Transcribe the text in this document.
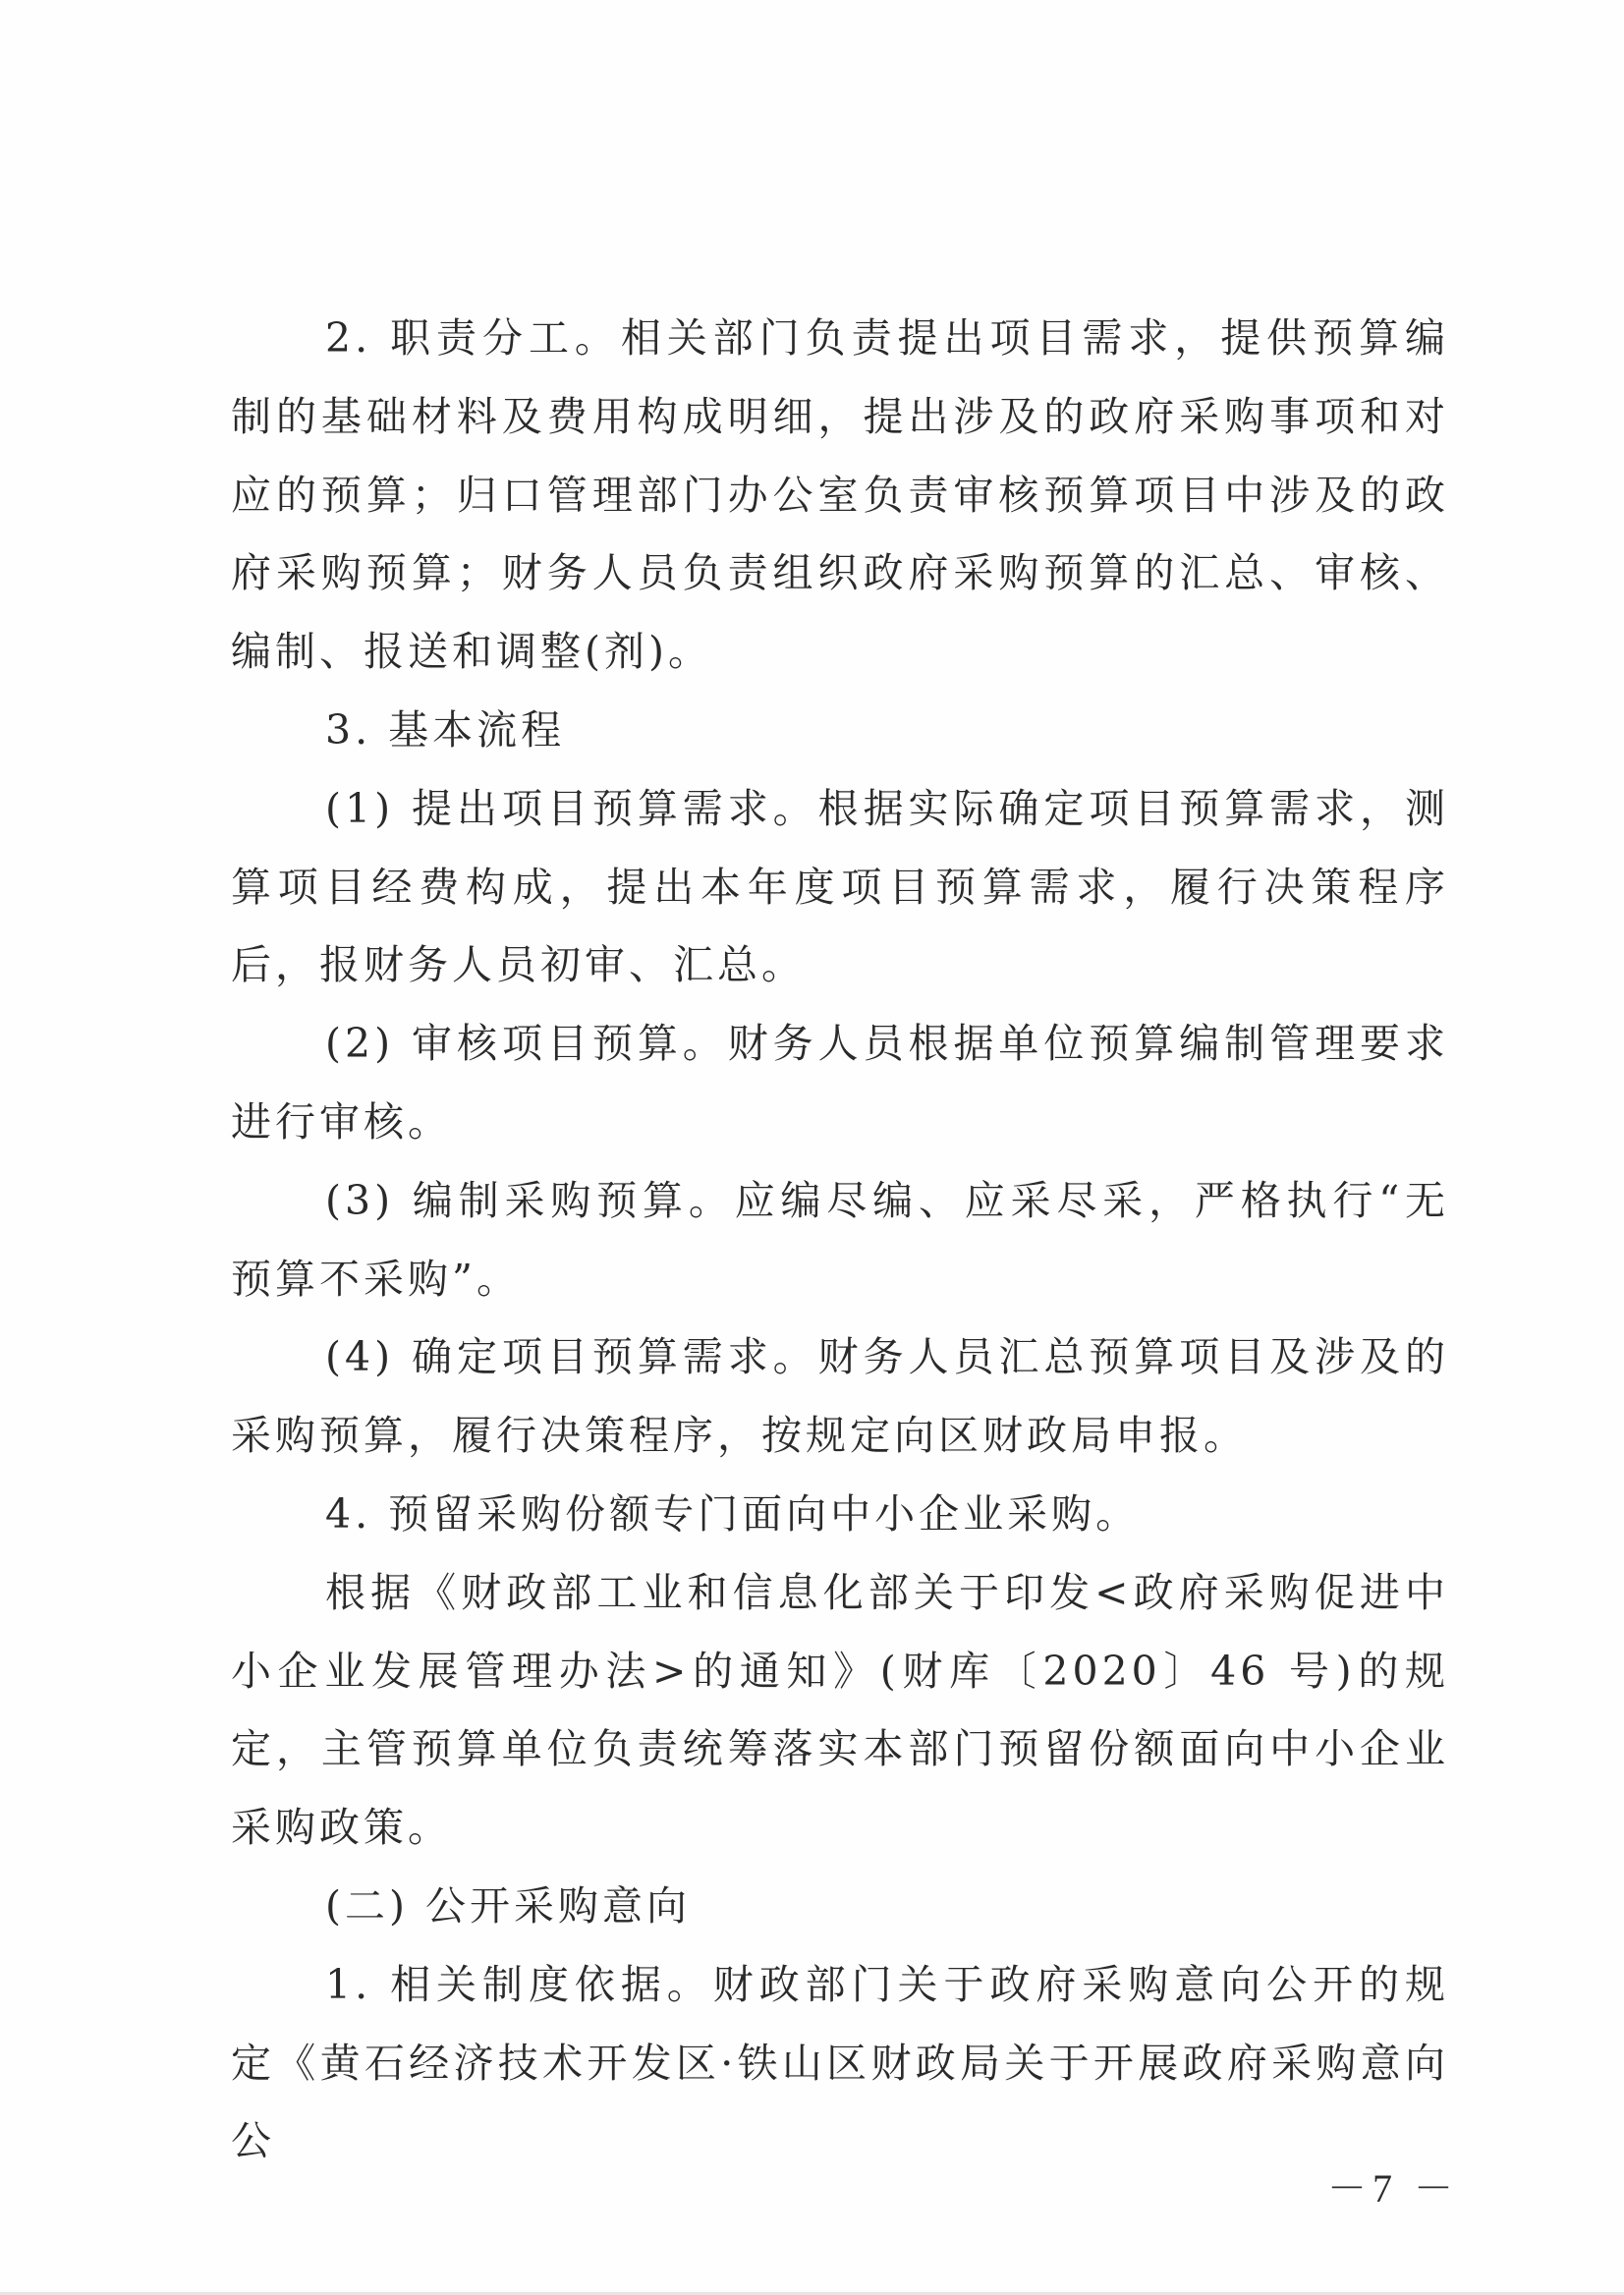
2. 职责分工。相关部门负责提出项目需求，提供预算编制的基础材料及费用构成明细，提出涉及的政府采购事项和对应的预算；归口管理部门办公室负责审核预算项目中涉及的政府采购预算；财务人员负责组织政府采购预算的汇总、审核、编制、报送和调整(剂)。

3. 基本流程

(1) 提出项目预算需求。根据实际确定项目预算需求，测算项目经费构成，提出本年度项目预算需求，履行决策程序后，报财务人员初审、汇总。

(2) 审核项目预算。财务人员根据单位预算编制管理要求进行审核。

(3) 编制采购预算。应编尽编、应采尽采，严格执行“无预算不采购”。

(4) 确定项目预算需求。财务人员汇总预算项目及涉及的采购预算，履行决策程序，按规定向区财政局申报。

4. 预留采购份额专门面向中小企业采购。

根据《财政部工业和信息化部关于印发<政府采购促进中小企业发展管理办法>的通知》(财库〔2020〕46 号)的规定，主管预算单位负责统筹落实本部门预留份额面向中小企业采购政策。

(二) 公开采购意向

1. 相关制度依据。财政部门关于政府采购意向公开的规定《黄石经济技术开发区·铁山区财政局关于开展政府采购意向公

－7 －
